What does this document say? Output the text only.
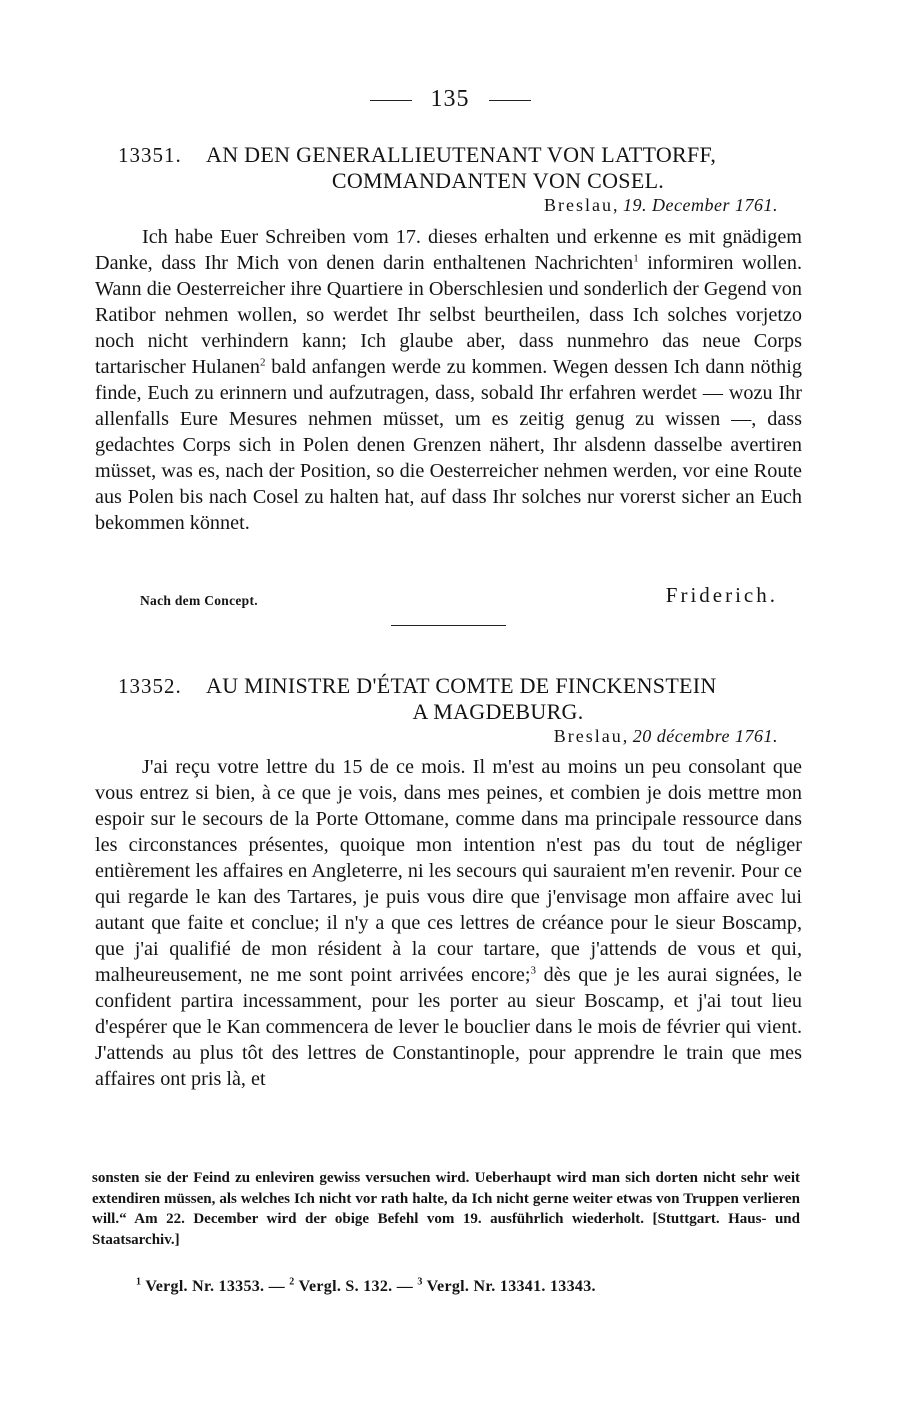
135
13351. AN DEN GENERALLIEUTENANT VON LATTORFF,
COMMANDANTEN VON COSEL.
Breslau, 19. December 1761.

Ich habe Euer Schreiben vom 17. dieses erhalten und erkenne es mit gnädigem Danke, dass Ihr Mich von denen darin enthaltenen Nachrichten$^1$ informiren wollen. Wann die Oesterreicher ihre Quartiere in Oberschlesien und sonderlich der Gegend von Ratibor nehmen wollen, so werdet Ihr selbst beurtheilen, dass Ich solches vorjetzo noch nicht verhindern kann; Ich glaube aber, dass nunmehro das neue Corps tartarischer Hulanen$^2$ bald anfangen werde zu kommen. Wegen dessen Ich dann nöthig finde, Euch zu erinnern und aufzutragen, dass, sobald Ihr erfahren werdet — wozu Ihr allenfalls Eure Mesures nehmen müsset, um es zeitig genug zu wissen —, dass gedachtes Corps sich in Polen denen Grenzen nähert, Ihr alsdenn dasselbe avertiren müsset, was es, nach der Position, so die Oesterreicher nehmen werden, vor eine Route aus Polen bis nach Cosel zu halten hat, auf dass Ihr solches nur vorerst sicher an Euch bekommen könnet.

Friderich.
Nach dem Concept.
13352. AU MINISTRE D'ÉTAT COMTE DE FINCKENSTEIN
A MAGDEBURG.
Breslau, 20 décembre 1761.

J'ai reçu votre lettre du 15 de ce mois. Il m'est au moins un peu consolant que vous entrez si bien, à ce que je vois, dans mes peines, et combien je dois mettre mon espoir sur le secours de la Porte Ottomane, comme dans ma principale ressource dans les circonstances présentes, quoique mon intention n'est pas du tout de négliger entièrement les affaires en Angleterre, ni les secours qui sauraient m'en revenir. Pour ce qui regarde le kan des Tartares, je puis vous dire que j'envisage mon affaire avec lui autant que faite et conclue; il n'y a que ces lettres de créance pour le sieur Boscamp, que j'ai qualifié de mon résident à la cour tartare, que j'attends de vous et qui, malheureusement, ne me sont point arrivées encore;$^3$ dès que je les aurai signées, le confident partira incessamment, pour les porter au sieur Boscamp, et j'ai tout lieu d'espérer que le Kan commencera de lever le bouclier dans le mois de février qui vient. J'attends au plus tôt des lettres de Constantinople, pour apprendre le train que mes affaires ont pris là, et

sonsten sie der Feind zu enleviren gewiss versuchen wird. Ueberhaupt wird man sich dorten nicht sehr weit extendiren müssen, als welches Ich nicht vor rath halte, da Ich nicht gerne weiter etwas von Truppen verlieren will.“ Am 22. December wird der obige Befehl vom 19. ausführlich wiederholt. [Stuttgart. Haus- und Staatsarchiv.]

$^1$ Vergl. Nr. 13353. — $^2$ Vergl. S. 132. — $^3$ Vergl. Nr. 13341. 13343.
